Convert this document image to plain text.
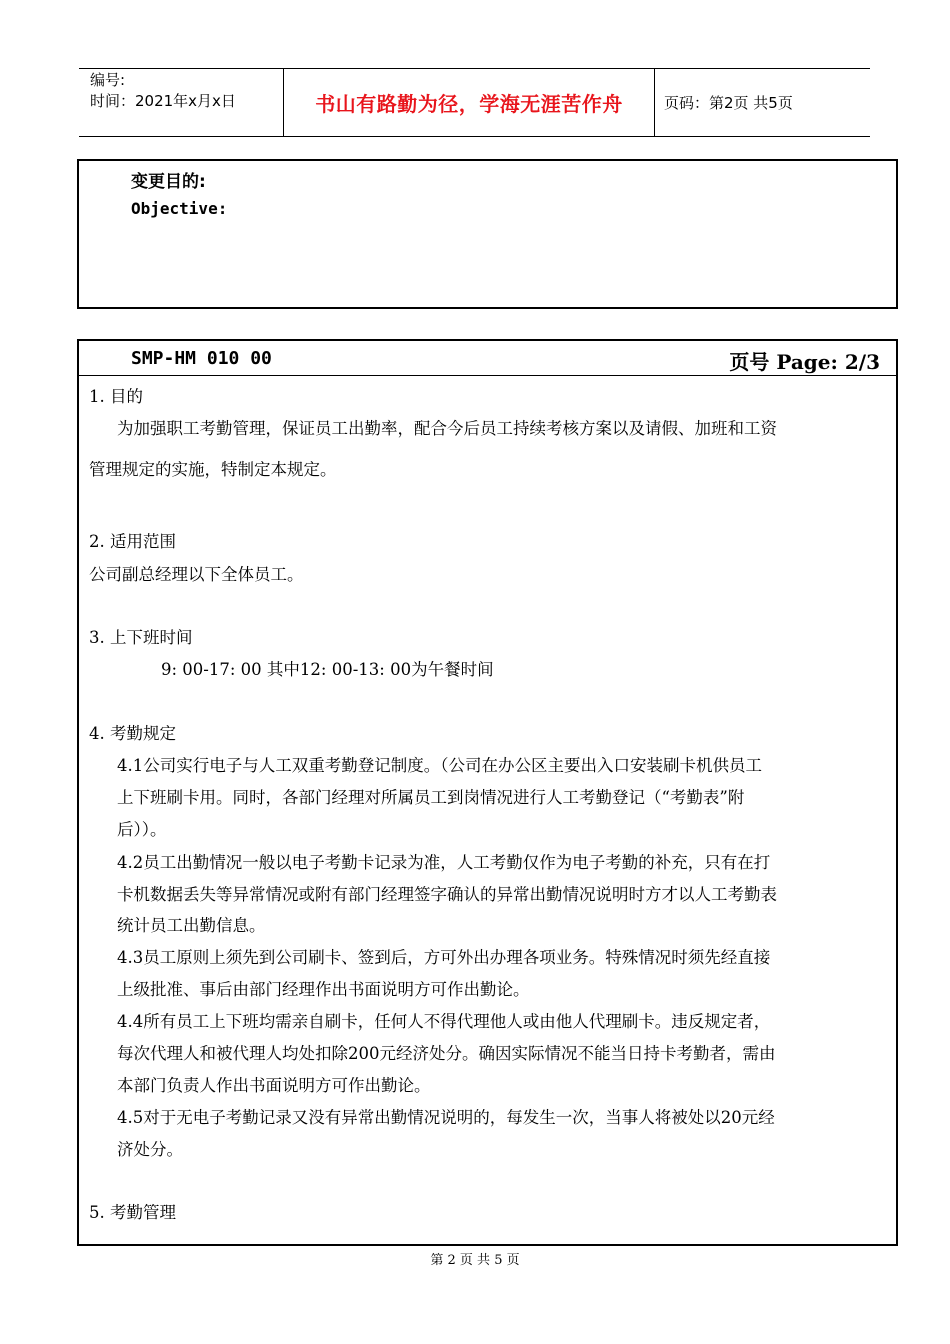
编号:
时间：2021年x月x日	书山有路勤为径，学海无涯苦作舟	页码：第2页 共5页
变更目的:
Objective:
SMP-HM 010 00	页号 Page: 2/3
1. 目的
为加强职工考勤管理，保证员工出勤率，配合今后员工持续考核方案以及请假、加班和工资
管理规定的实施，特制定本规定。
2. 适用范围
公司副总经理以下全体员工。
3. 上下班时间
9: 00-17: 00 其中12: 00-13: 00为午餐时间
4. 考勤规定
4.1公司实行电子与人工双重考勤登记制度。（公司在办公区主要出入口安装刷卡机供员工
上下班刷卡用。同时，各部门经理对所属员工到岗情况进行人工考勤登记（“考勤表”附
后））。
4.2员工出勤情况一般以电子考勤卡记录为准，人工考勤仅作为电子考勤的补充，只有在打
卡机数据丢失等异常情况或附有部门经理签字确认的异常出勤情况说明时方才以人工考勤表
统计员工出勤信息。
4.3员工原则上须先到公司刷卡、签到后，方可外出办理各项业务。特殊情况时须先经直接
上级批准、事后由部门经理作出书面说明方可作出勤论。
4.4所有员工上下班均需亲自刷卡，任何人不得代理他人或由他人代理刷卡。违反规定者，
每次代理人和被代理人均处扣除200元经济处分。确因实际情况不能当日持卡考勤者，需由
本部门负责人作出书面说明方可作出勤论。
4.5对于无电子考勤记录又没有异常出勤情况说明的，每发生一次，当事人将被处以20元经
济处分。
5. 考勤管理
第 2 页 共 5 页
